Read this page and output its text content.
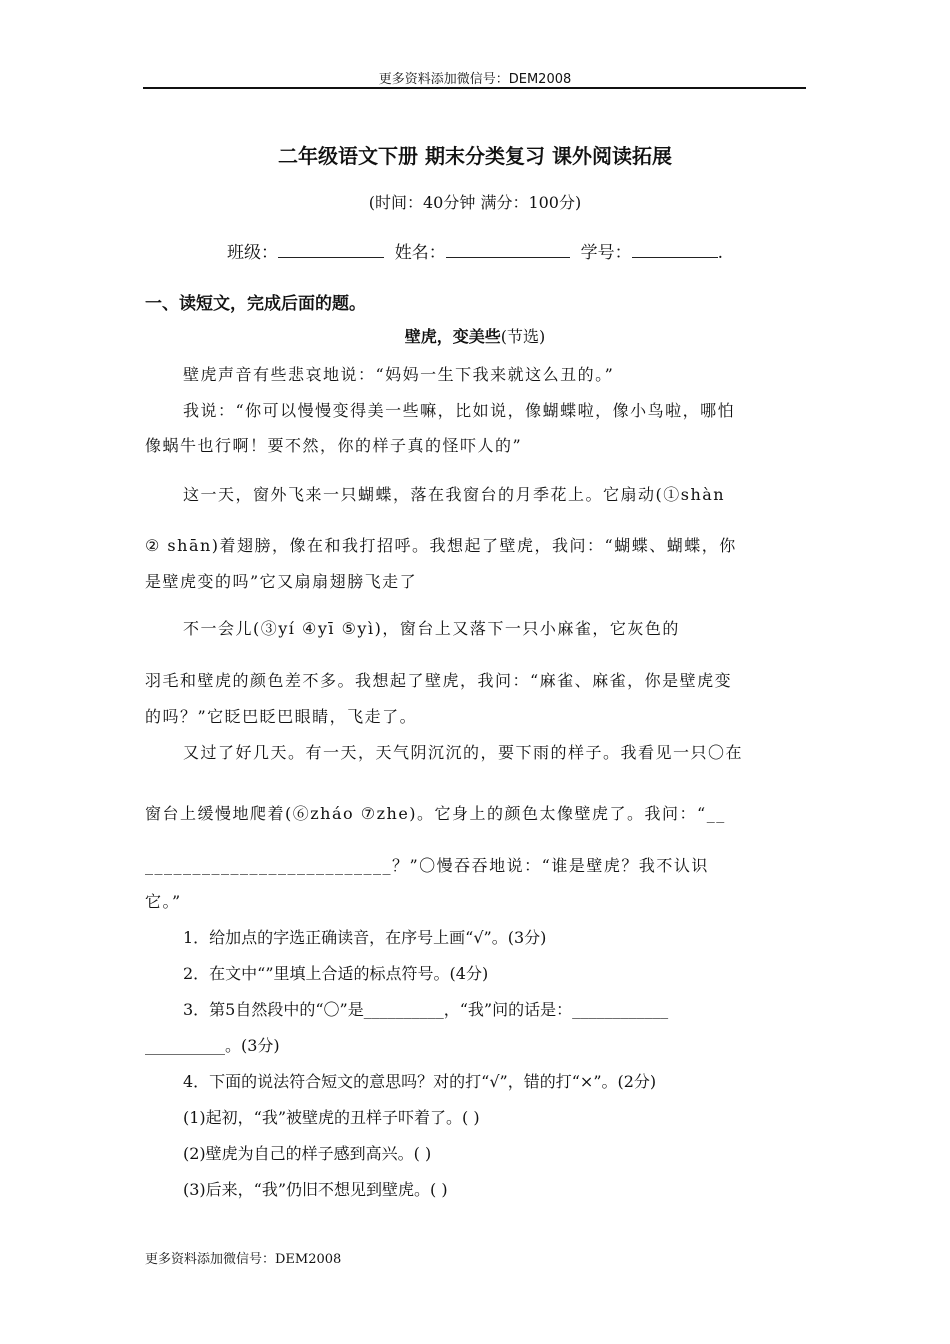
更多资料添加微信号：DEM2008
二年级语文下册 期末分类复习 课外阅读拓展
(时间：40分钟 满分：100分)
班级：	姓名：	学号：	.
一、读短文，完成后面的题。
壁虎，变美些(节选)
壁虎声音有些悲哀地说：“妈妈一生下我来就这么丑的。”
我说：“你可以慢慢变得美一些嘛，比如说，像蝴蝶啦，像小鸟啦，哪怕
像蜗牛也行啊！要不然，你的样子真的怪吓人的”
这一天，窗外飞来一只蝴蝶，落在我窗台的月季花上。它扇动(①shàn
② shān)着翅膀，像在和我打招呼。我想起了壁虎，我问：“蝴蝶、蝴蝶，你
是壁虎变的吗”它又扇扇翅膀飞走了
不一会儿(③yí ④yī ⑤yì)，窗台上又落下一只小麻雀，它灰色的
羽毛和壁虎的颜色差不多。我想起了壁虎，我问：“麻雀、麻雀，你是壁虎变
的吗？”它眨巴眨巴眼睛，飞走了。
又过了好几天。有一天，天气阴沉沉的，要下雨的样子。我看见一只〇在
窗台上缓慢地爬着(⑥zháo ⑦zhe)。它身上的颜色太像壁虎了。我问：“__
__________________________？”〇慢吞吞地说：“谁是壁虎？我不认识
它。”
1．给加点的字选正确读音，在序号上画“√”。(3分)
2．在文中“”里填上合适的标点符号。(4分)
3．第5自然段中的“〇”是__________，“我”问的话是：____________
__________。(3分)
4．下面的说法符合短文的意思吗？对的打“√”，错的打“×”。(2分)
(1)起初，“我”被壁虎的丑样子吓着了。( )
(2)壁虎为自己的样子感到高兴。( )
(3)后来，“我”仍旧不想见到壁虎。( )
更多资料添加微信号：DEM2008
